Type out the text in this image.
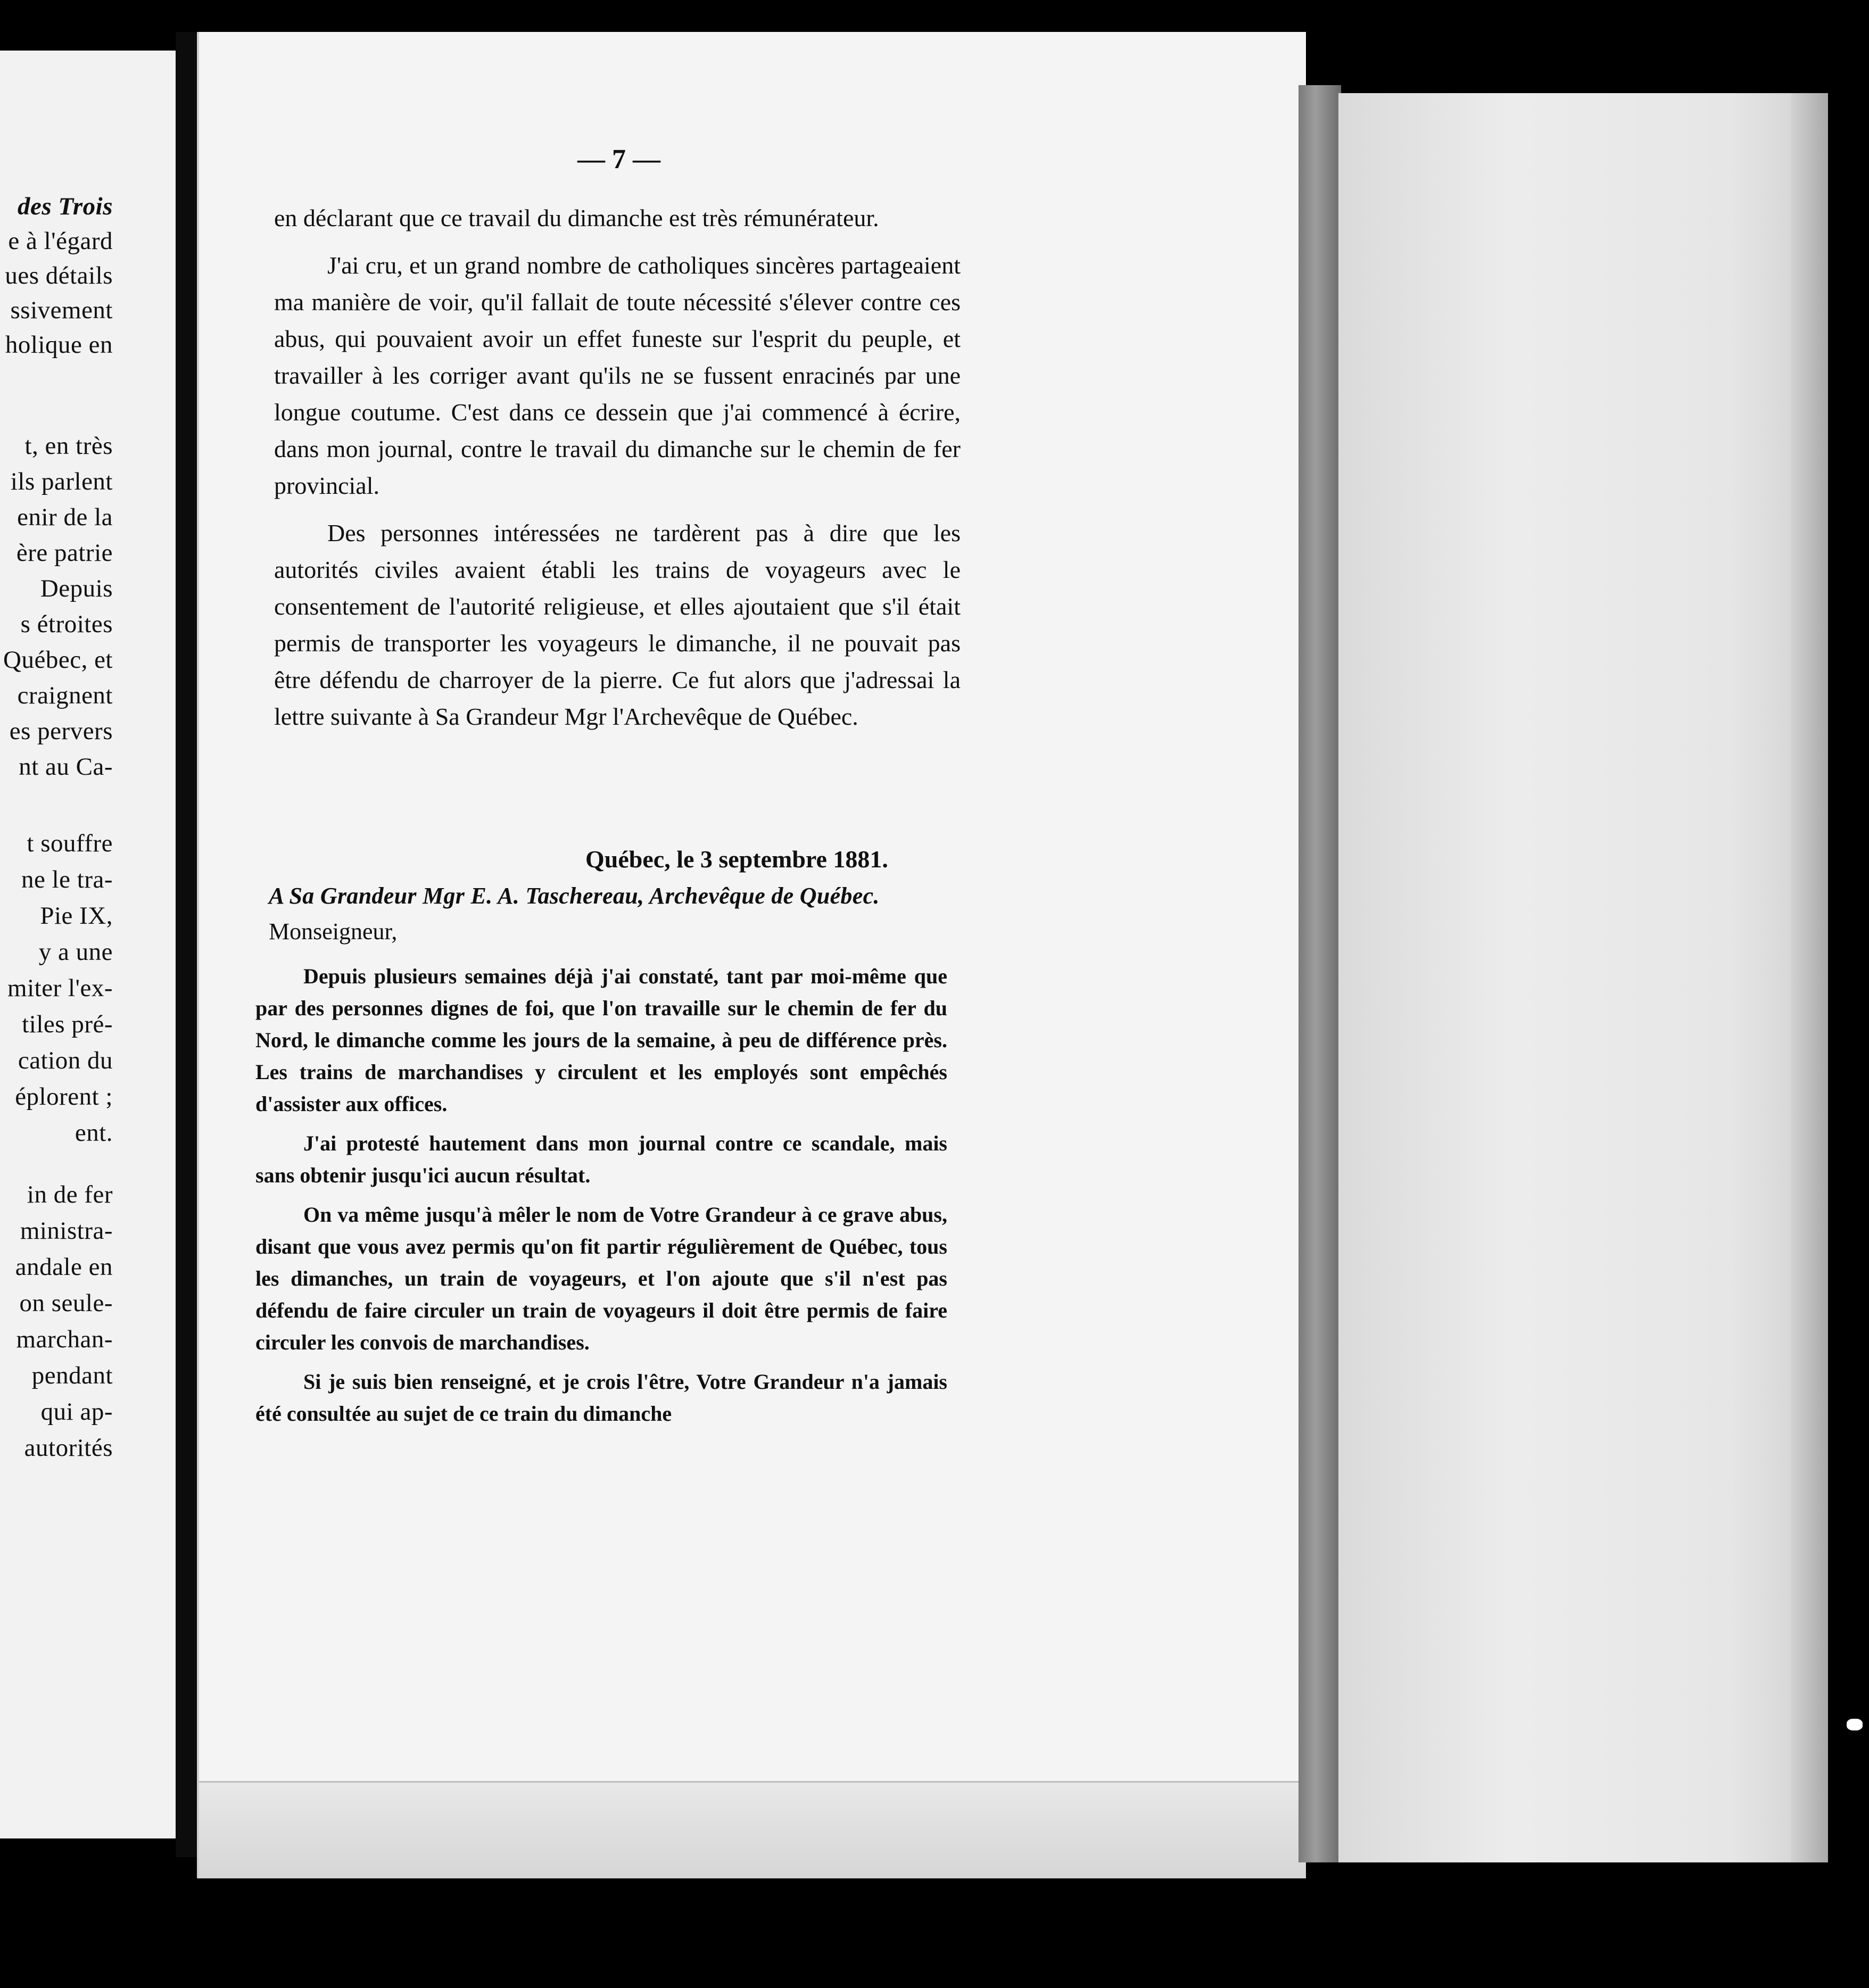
des Trois
e à l'égard
ues détails
ssivement
holique en
t, en très
ils parlent
enir de la
ère patrie
Depuis
s étroites
Québec, et
craignent
es pervers
nt au Ca-
t souffre
ne le tra-
Pie IX,
y a une
miter l'ex-
tiles pré-
cation du
éplorent ;
ent.
in de fer
ministra-
andale en
on seule-
marchan-
pendant
qui ap-
autorités
— 7 —

en déclarant que ce travail du dimanche est très rémunérateur.

J'ai cru, et un grand nombre de catholiques sincères partageaient ma manière de voir, qu'il fallait de toute nécessité s'élever contre ces abus, qui pouvaient avoir un effet funeste sur l'esprit du peuple, et travailler à les corriger avant qu'ils ne se fussent enracinés par une longue coutume. C'est dans ce dessein que j'ai commencé à écrire, dans mon journal, contre le travail du dimanche sur le chemin de fer provincial.

Des personnes intéressées ne tardèrent pas à dire que les autorités civiles avaient établi les trains de voyageurs avec le consentement de l'autorité religieuse, et elles ajoutaient que s'il était permis de transporter les voyageurs le dimanche, il ne pouvait pas être défendu de charroyer de la pierre. Ce fut alors que j'adressai la lettre suivante à Sa Grandeur Mgr l'Archevêque de Québec.

Québec, le 3 septembre 1881.
A Sa Grandeur Mgr E. A. Taschereau, Archevêque de Québec.
Monseigneur,

Depuis plusieurs semaines déjà j'ai constaté, tant par moi-même que par des personnes dignes de foi, que l'on travaille sur le chemin de fer du Nord, le dimanche comme les jours de la semaine, à peu de différence près. Les trains de marchandises y circulent et les employés sont empêchés d'assister aux offices.

J'ai protesté hautement dans mon journal contre ce scandale, mais sans obtenir jusqu'ici aucun résultat.

On va même jusqu'à mêler le nom de Votre Grandeur à ce grave abus, disant que vous avez permis qu'on fit partir régulièrement de Québec, tous les dimanches, un train de voyageurs, et l'on ajoute que s'il n'est pas défendu de faire circuler un train de voyageurs il doit être permis de faire circuler les convois de marchandises.

Si je suis bien renseigné, et je crois l'être, Votre Grandeur n'a jamais été consultée au sujet de ce train du dimanche
